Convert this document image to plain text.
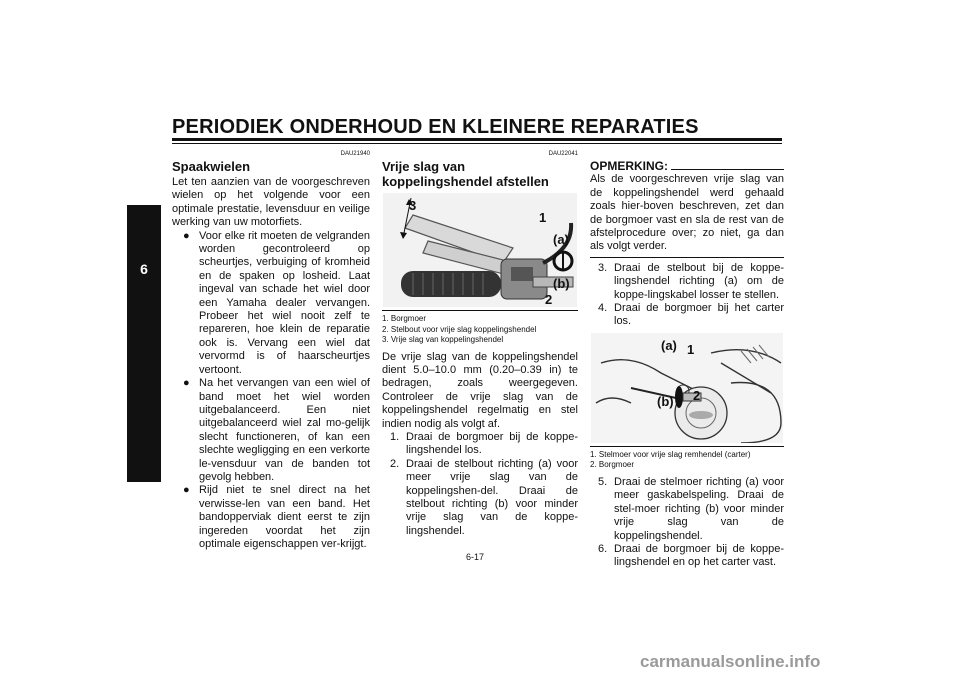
PERIODIEK ONDERHOUD EN KLEINERE REPARATIES
6
DAU21940
Spaakwielen

Let ten aanzien van de voorgeschreven wielen op het volgende voor een optimale prestatie, levensduur en veilige werking van uw motorfiets.

● Voor elke rit moeten de velgranden worden gecontroleerd op scheurtjes, verbuiging of kromheid en de spaken op losheid. Laat ingeval van schade het wiel door een Yamaha dealer vervangen. Probeer het wiel nooit zelf te repareren, hoe klein de reparatie ook is. Vervang een wiel dat vervormd is of haarscheurtjes vertoont.
● Na het vervangen van een wiel of band moet het wiel worden uitgebalanceerd. Een niet uitgebalanceerd wiel zal mo-gelijk slecht functioneren, of kan een slechte wegligging en een verkorte le-vensduur van de banden tot gevolg hebben.
● Rijd niet te snel direct na het verwisse-len van een band. Het bandopperviak dient eerst te zijn ingereden voordat het zijn optimale eigenschappen ver-krijgt.
DAU22041
Vrije slag van koppelingshendel afstellen
3
1
(a)
(b)
2
1. Borgmoer
2. Stelbout voor vrije slag koppelingshendel
3. Vrije slag van koppelingshendel

De vrije slag van de koppelingshendel dient 5.0–10.0 mm (0.20–0.39 in) te bedragen, zoals weergegeven. Controleer de vrije slag van de koppelingshendel regelmatig en stel indien nodig als volgt af.

1. Draai de borgmoer bij de koppe-lingshendel los.
2. Draai de stelbout richting (a) voor meer vrije slag van de koppelingshen-del. Draai de stelbout richting (b) voor minder vrije slag van de koppe-lingshendel.
OPMERKING:

Als de voorgeschreven vrije slag van de koppelingshendel werd gehaald zoals hier-boven beschreven, zet dan de borgmoer vast en sla de rest van de afstelprocedure over; zo niet, ga dan als volgt verder.

3. Draai de stelbout bij de koppe-lingshendel richting (a) om de koppe-lingskabel losser te stellen.
4. Draai de borgmoer bij het carter los.
(a) 1
(b) 2
1. Stelmoer voor vrije slag remhendel (carter)
2. Borgmoer
5. Draai de stelmoer richting (a) voor meer gaskabelspeling. Draai de stel-moer richting (b) voor minder vrije slag van de koppelingshendel.
6. Draai de borgmoer bij de koppe-lingshendel en op het carter vast.
6-17
carmanualsonline.info
